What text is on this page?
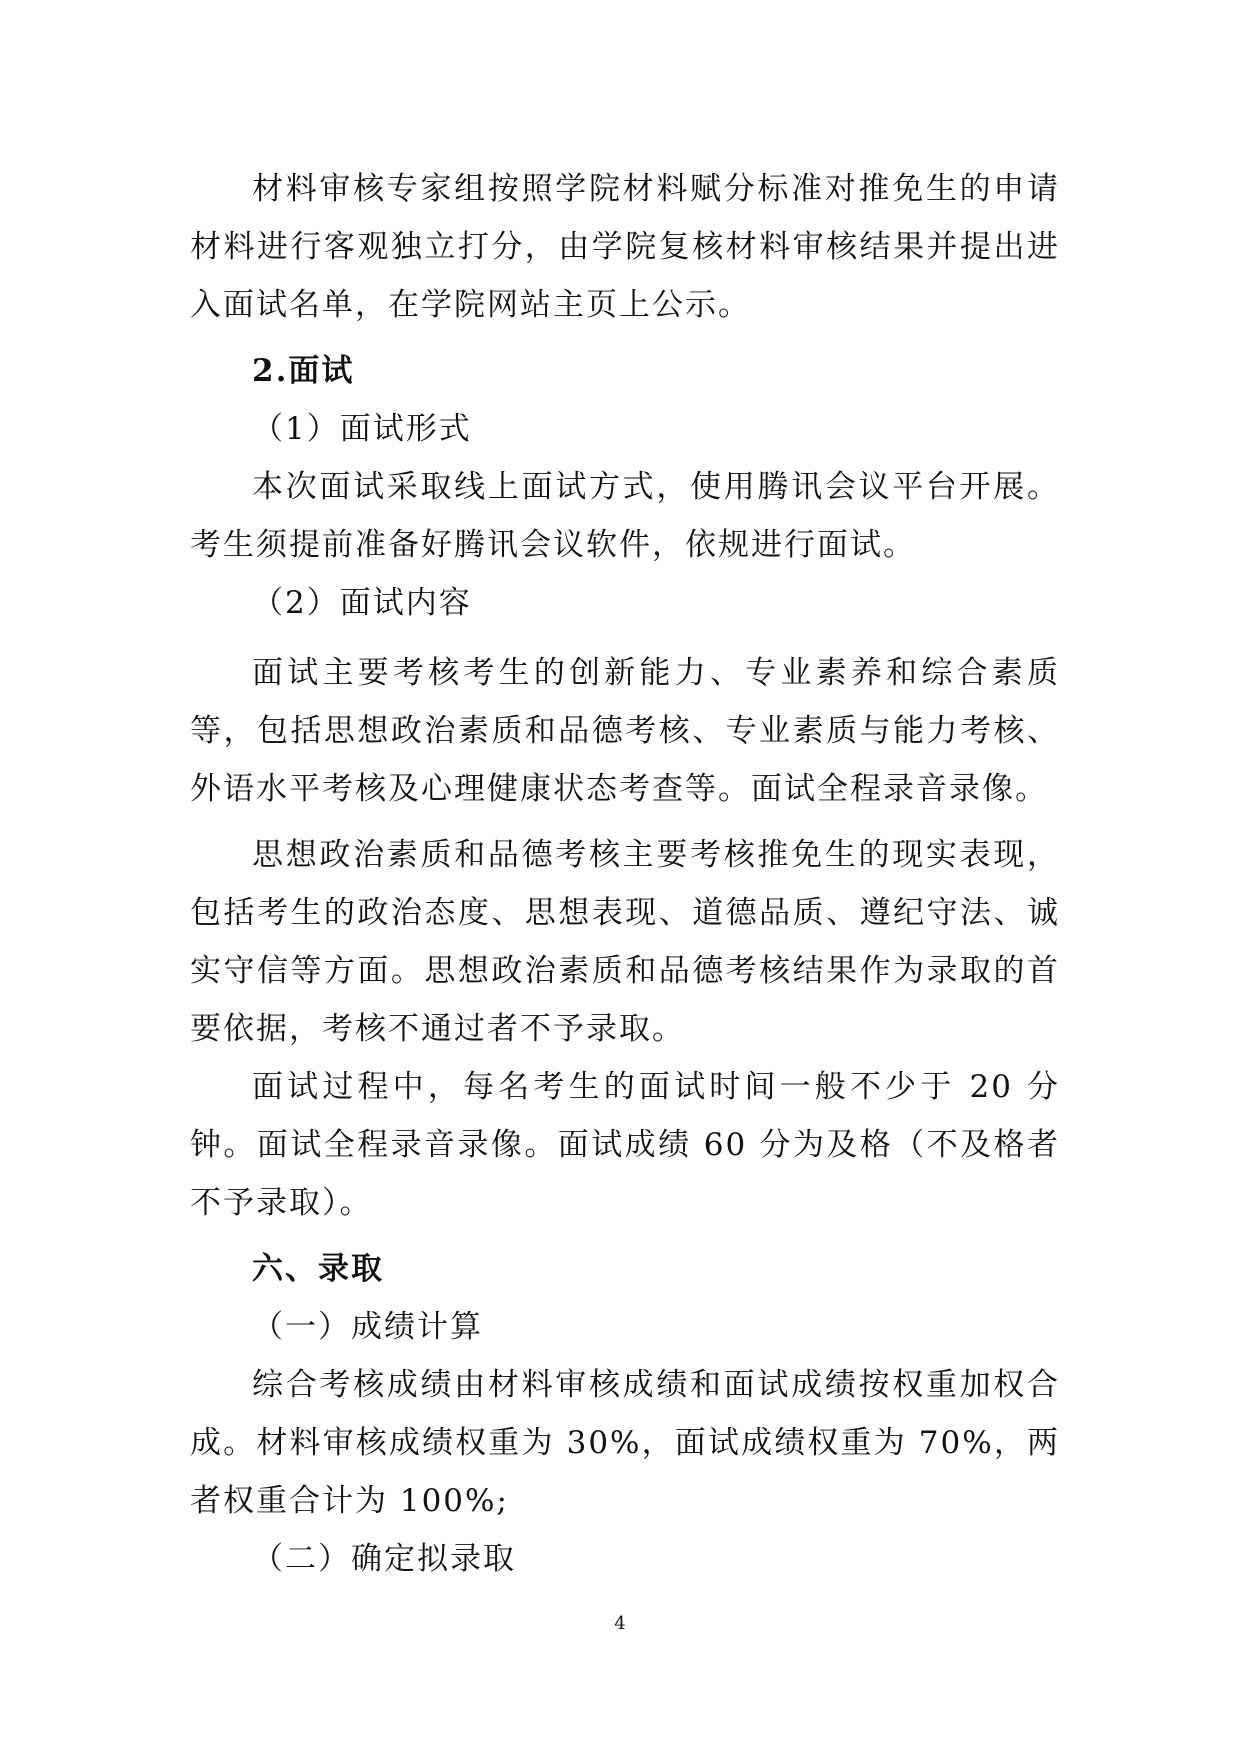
材料审核专家组按照学院材料赋分标准对推免生的申请材料进行客观独立打分，由学院复核材料审核结果并提出进入面试名单，在学院网站主页上公示。

2.面试

（1）面试形式

本次面试采取线上面试方式，使用腾讯会议平台开展。考生须提前准备好腾讯会议软件，依规进行面试。

（2）面试内容

面试主要考核考生的创新能力、专业素养和综合素质等，包括思想政治素质和品德考核、专业素质与能力考核、外语水平考核及心理健康状态考查等。面试全程录音录像。

思想政治素质和品德考核主要考核推免生的现实表现，包括考生的政治态度、思想表现、道德品质、遵纪守法、诚实守信等方面。思想政治素质和品德考核结果作为录取的首要依据，考核不通过者不予录取。

面试过程中，每名考生的面试时间一般不少于 20 分钟。面试全程录音录像。面试成绩 60 分为及格（不及格者不予录取）。

六、录取

（一）成绩计算

综合考核成绩由材料审核成绩和面试成绩按权重加权合成。材料审核成绩权重为 30%，面试成绩权重为 70%，两者权重合计为 100%;

（二）确定拟录取

4
